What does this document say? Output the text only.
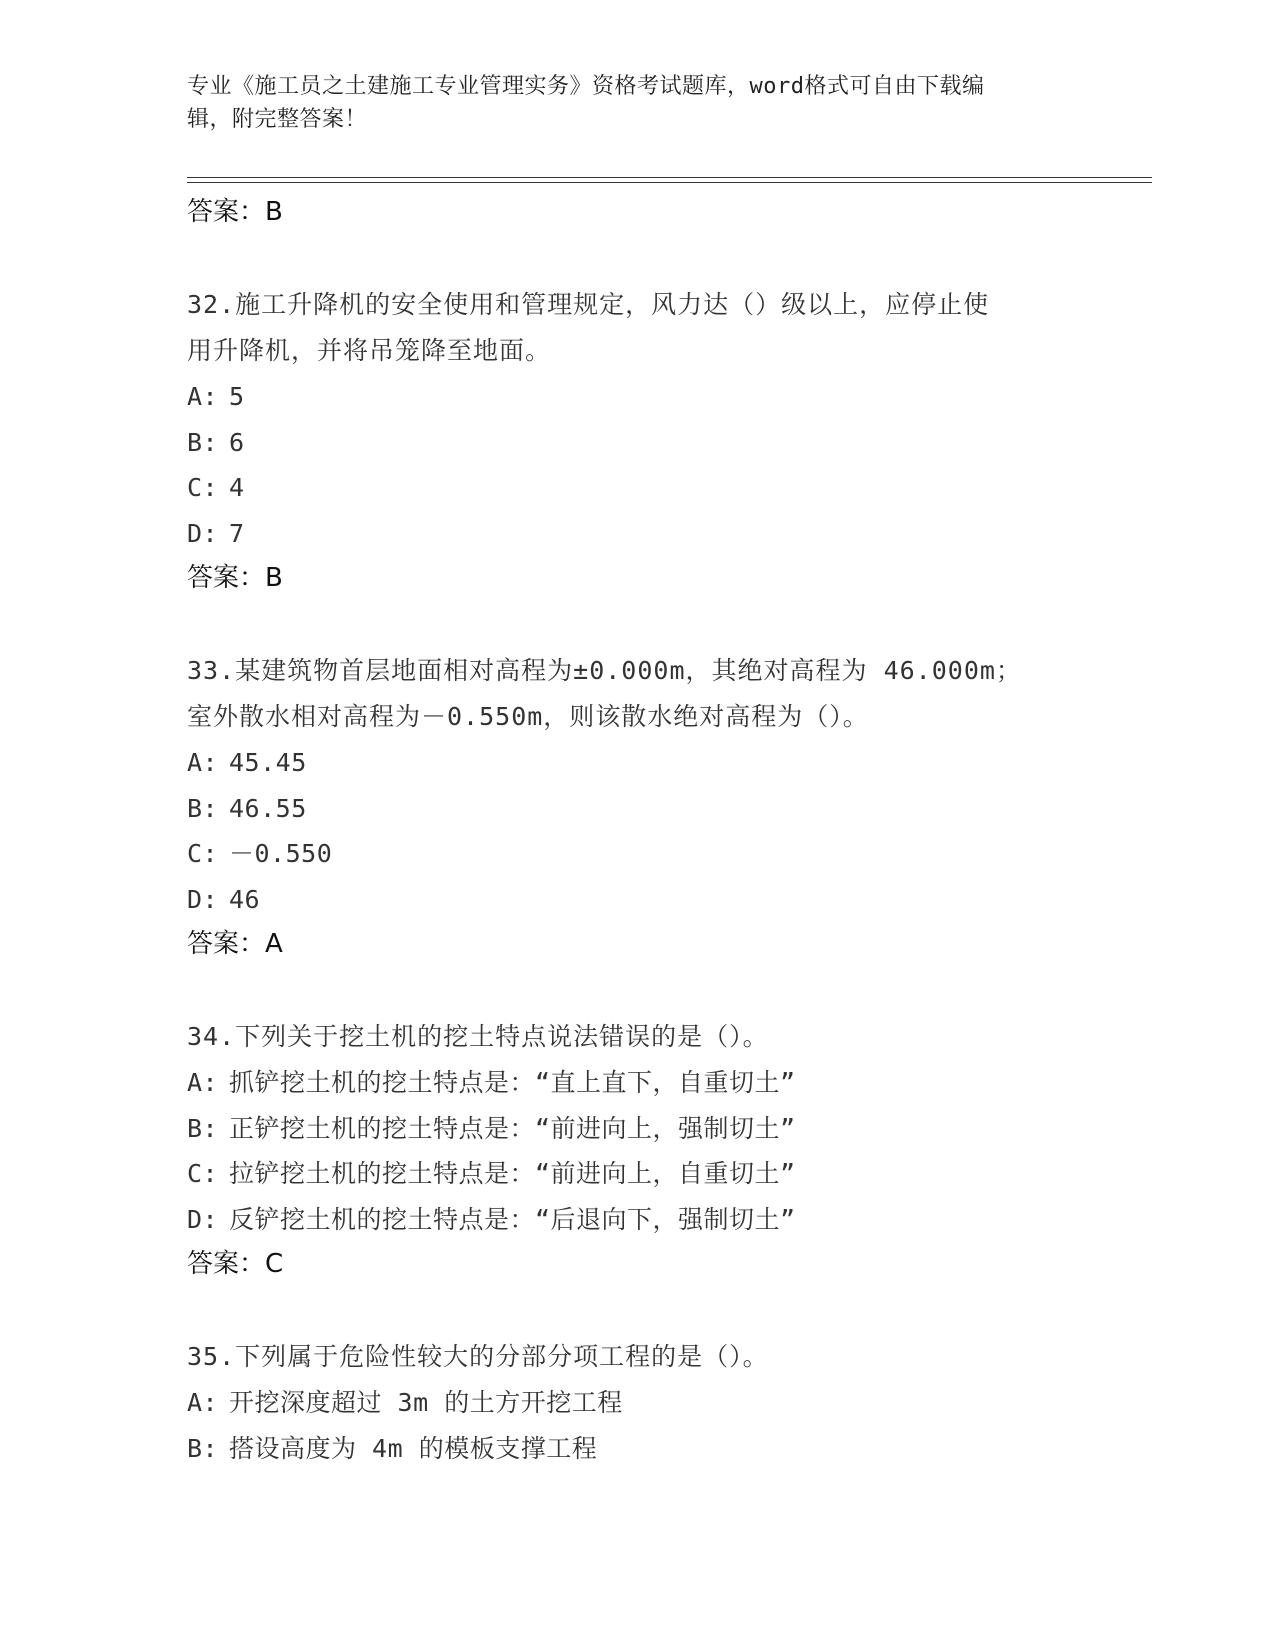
专业《施工员之土建施工专业管理实务》资格考试题库，word格式可自由下载编
辑，附完整答案！
答案：B
32.施工升降机的安全使用和管理规定，风力达（）级以上，应停止使
用升降机，并将吊笼降至地面。
A: 5
B: 6
C: 4
D: 7
答案：B
33.某建筑物首层地面相对高程为±0.000m，其绝对高程为 46.000m；
室外散水相对高程为－0.550m，则该散水绝对高程为（）。
A: 45.45
B: 46.55
C: －0.550
D: 46
答案：A
34.下列关于挖土机的挖土特点说法错误的是（）。
A: 抓铲挖土机的挖土特点是：“直上直下，自重切土”
B: 正铲挖土机的挖土特点是：“前进向上，强制切土”
C: 拉铲挖土机的挖土特点是：“前进向上，自重切土”
D: 反铲挖土机的挖土特点是：“后退向下，强制切土”
答案：C
35.下列属于危险性较大的分部分项工程的是（）。
A: 开挖深度超过 3m 的土方开挖工程
B: 搭设高度为 4m 的模板支撑工程
